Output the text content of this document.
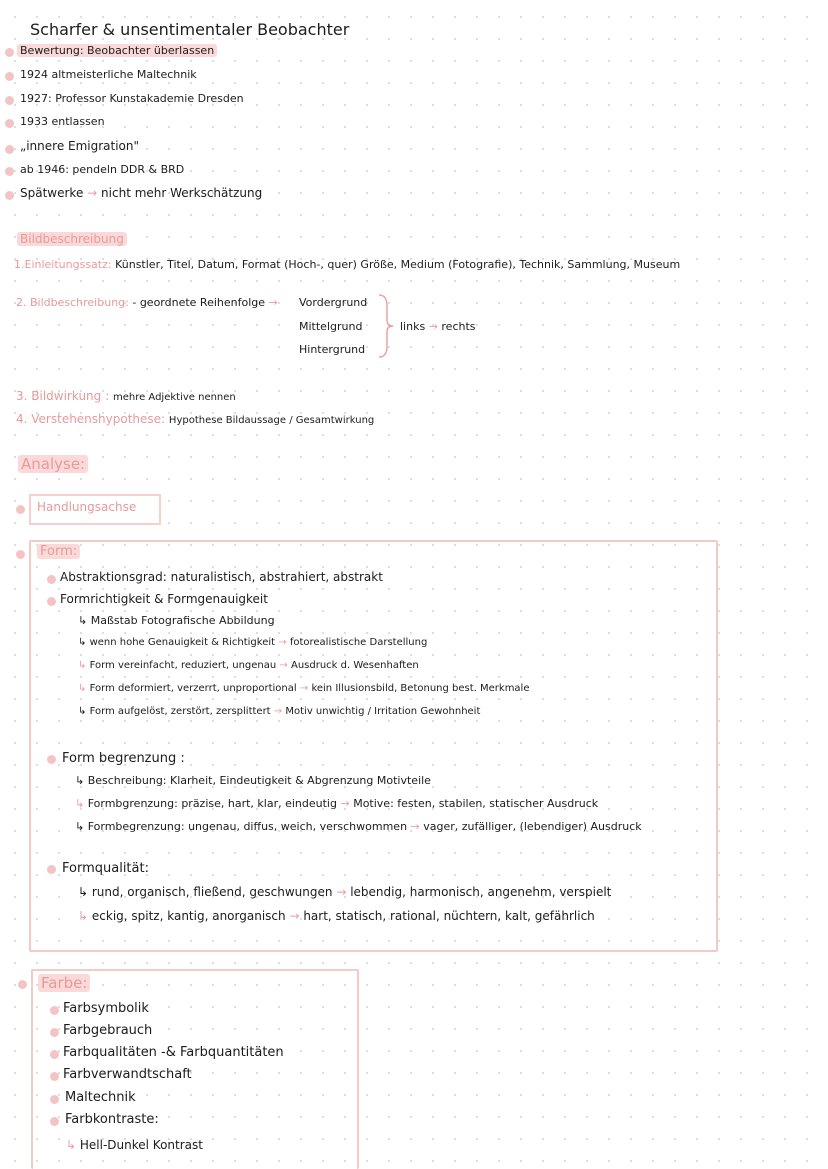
Scharfer & unsentimentaler Beobachter
Bewertung: Beobachter überlassen
1924 altmeisterliche Maltechnik
1927: Professor Kunstakademie Dresden
1933 entlassen
„innere Emigration"
ab 1946: pendeln DDR & BRD
Spätwerke → nicht mehr Werkschätzung
Bildbeschreibung
1.Einleitungssatz: Künstler, Titel, Datum, Format (Hoch-, quer) Größe, Medium (Fotografie), Technik, Sammlung, Museum
2. Bildbeschreibung: - geordnete Reihenfolge → Vordergrund
Mittelgrund
Hintergrund
links → rechts
3. Bildwirkung : mehre Adjektive nennen
4. Verstehenshypothese: Hypothese Bildaussage / Gesamtwirkung
Analyse:
Handlungsachse
Form:
Abstraktionsgrad: naturalistisch, abstrahiert, abstrakt
Formrichtigkeit & Formgenauigkeit
↳ Maßstab Fotografische Abbildung
↳ wenn hohe Genauigkeit & Richtigkeit → fotorealistische Darstellung
↳ Form vereinfacht, reduziert, ungenau → Ausdruck d. Wesenhaften
↳ Form deformiert, verzerrt, unproportional → kein Illusionsbild, Betonung best. Merkmale
↳ Form aufgelöst, zerstört, zersplittert → Motiv unwichtig / Irritation Gewohnheit
Form begrenzung :
↳ Beschreibung: Klarheit, Eindeutigkeit & Abgrenzung Motivteile
↳ Formbgrenzung: präzise, hart, klar, eindeutig → Motive: festen, stabilen, statischer Ausdruck
↳ Formbegrenzung: ungenau, diffus, weich, verschwommen → vager, zufälliger, (lebendiger) Ausdruck
Formqualität:
↳ rund, organisch, fließend, geschwungen → lebendig, harmonisch, angenehm, verspielt
↳ eckig, spitz, kantig, anorganisch → hart, statisch, rational, nüchtern, kalt, gefährlich
Farbe:
Farbsymbolik
Farbgebrauch
Farbqualitäten -& Farbquantitäten
Farbverwandtschaft
Maltechnik
Farbkontraste:
↳ Hell-Dunkel Kontrast
